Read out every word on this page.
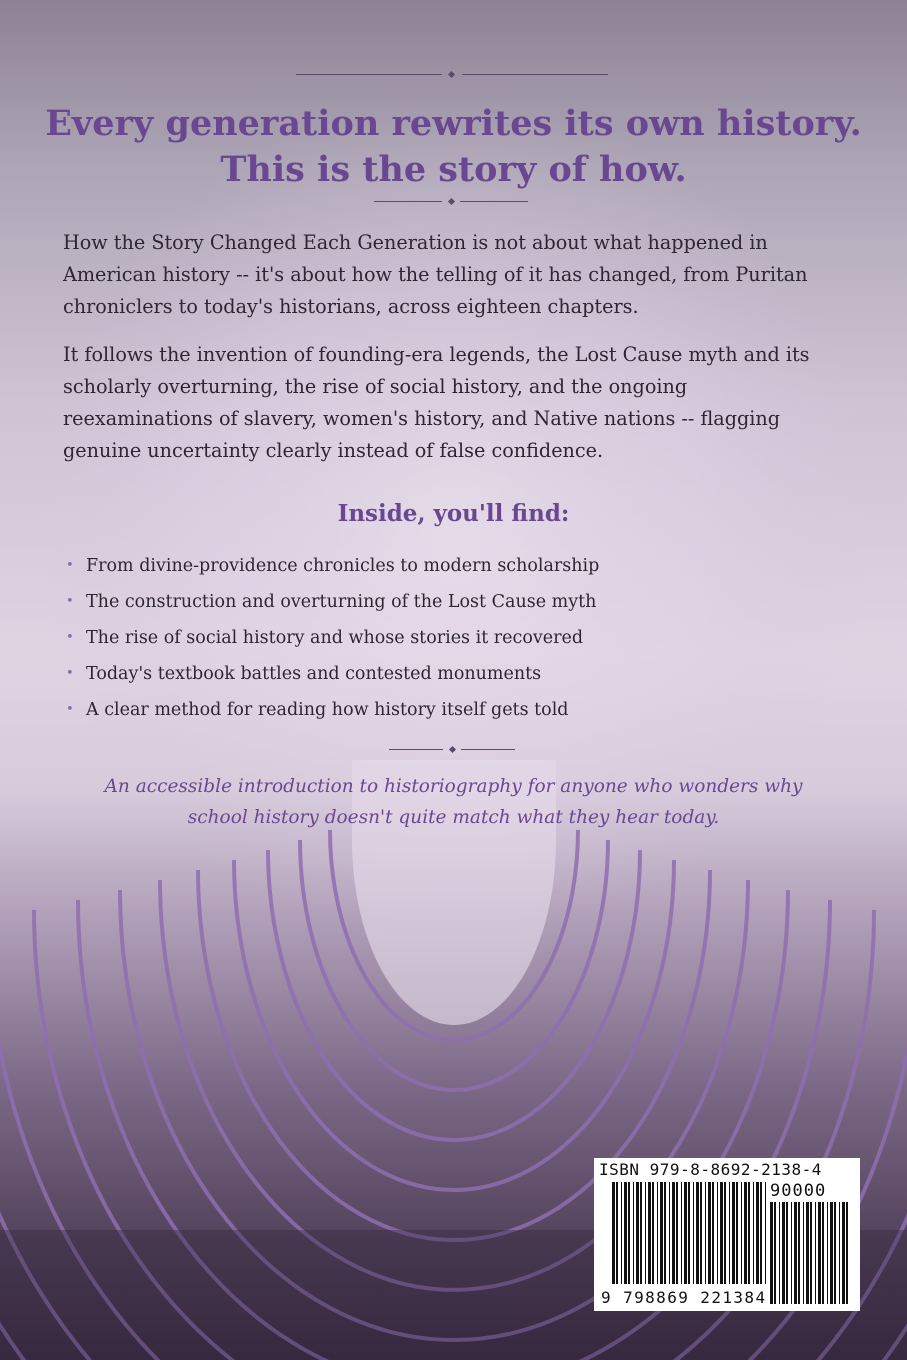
Every generation rewrites its own history.
This is the story of how.

How the Story Changed Each Generation is not about what happened in

American history -- it's about how the telling of it has changed, from Puritan

chroniclers to today's historians, across eighteen chapters.

It follows the invention of founding-era legends, the Lost Cause myth and its

scholarly overturning, the rise of social history, and the ongoing

reexaminations of slavery, women's history, and Native nations -- flagging

genuine uncertainty clearly instead of false confidence.

Inside, you'll find:
• From divine-providence chronicles to modern scholarship
• The construction and overturning of the Lost Cause myth
• The rise of social history and whose stories it recovered
• Today's textbook battles and contested monuments
• A clear method for reading how history itself gets told
An accessible introduction to historiography for anyone who wonders why
school history doesn't quite match what they hear today.
ISBN 979-8-8692-2138-4
90000
9 798869 221384
